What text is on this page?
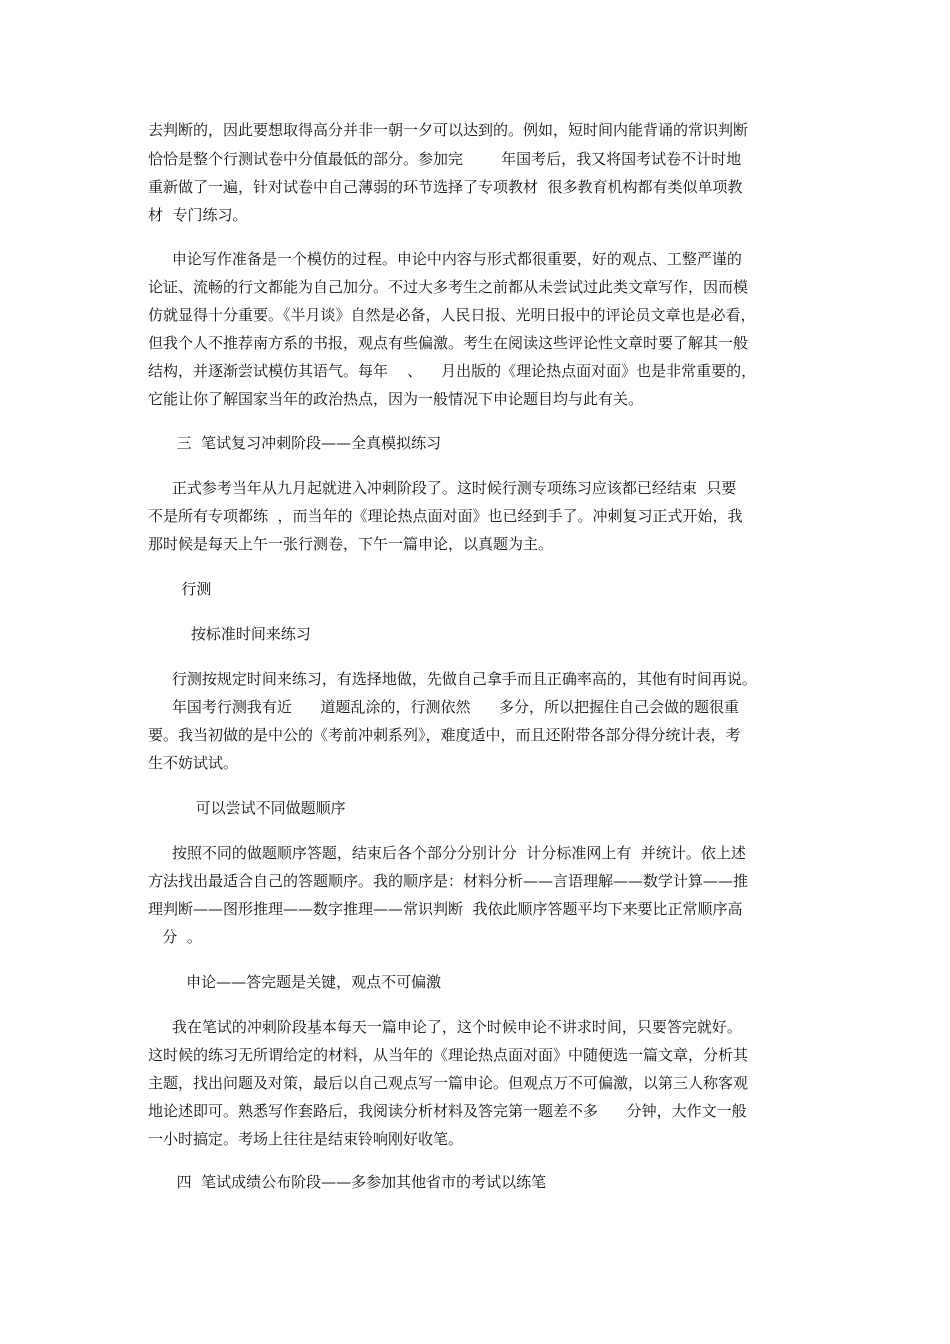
去判断的，因此要想取得高分并非一朝一夕可以达到的。例如，短时间内能背诵的常识判断
恰恰是整个行测试卷中分值最低的部分。参加完        年国考后，我又将国考试卷不计时地
重新做了一遍，针对试卷中自己薄弱的环节选择了专项教材  很多教育机构都有类似单项教
材  专门练习。
申论写作准备是一个模仿的过程。申论中内容与形式都很重要，好的观点、工整严谨的
论证、流畅的行文都能为自己加分。不过大多考生之前都从未尝试过此类文章写作，因而模
仿就显得十分重要。《半月谈》自然是必备，人民日报、光明日报中的评论员文章也是必看，
但我个人不推荐南方系的书报，观点有些偏激。考生在阅读这些评论性文章时要了解其一般
结构，并逐渐尝试模仿其语气。每年    、    月出版的《理论热点面对面》也是非常重要的，
它能让你了解国家当年的政治热点，因为一般情况下申论题目均与此有关。
三  笔试复习冲刺阶段——全真模拟练习
正式参考当年从九月起就进入冲刺阶段了。这时候行测专项练习应该都已经结束  只要
不是所有专项都练  ，而当年的《理论热点面对面》也已经到手了。冲刺复习正式开始，我
那时候是每天上午一张行测卷，下午一篇申论，以真题为主。
行测
按标准时间来练习
行测按规定时间来练习，有选择地做，先做自己拿手而且正确率高的，其他有时间再说。
年国考行测我有近      道题乱涂的，行测依然      多分，所以把握住自己会做的题很重
要。我当初做的是中公的《考前冲刺系列》，难度适中，而且还附带各部分得分统计表，考
生不妨试试。
可以尝试不同做题顺序
按照不同的做题顺序答题，结束后各个部分分别计分  计分标准网上有  并统计。依上述
方法找出最适合自己的答题顺序。我的顺序是：材料分析——言语理解——数学计算——推
理判断——图形推理——数字推理——常识判断  我依此顺序答题平均下来要比正常顺序高
分  。
申论——答完题是关键，观点不可偏激
我在笔试的冲刺阶段基本每天一篇申论了，这个时候申论不讲求时间，只要答完就好。
这时候的练习无所谓给定的材料，从当年的《理论热点面对面》中随便选一篇文章，分析其
主题，找出问题及对策，最后以自己观点写一篇申论。但观点万不可偏激，以第三人称客观
地论述即可。熟悉写作套路后，我阅读分析材料及答完第一题差不多      分钟，大作文一般
一小时搞定。考场上往往是结束铃响刚好收笔。
四  笔试成绩公布阶段——多参加其他省市的考试以练笔
